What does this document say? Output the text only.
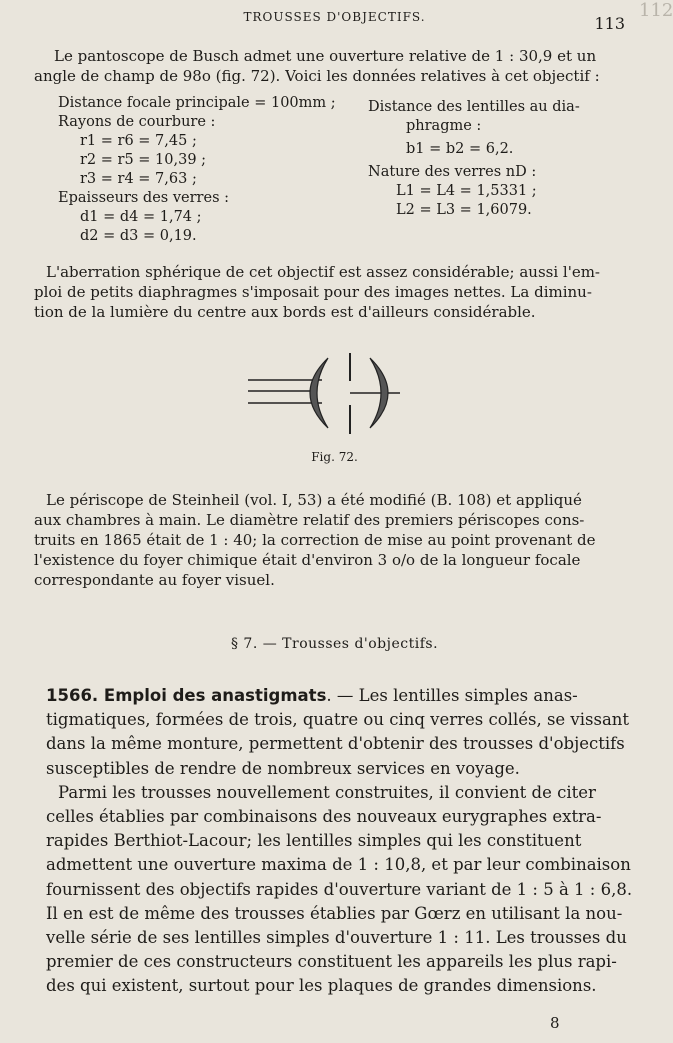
112
TROUSSES D'OBJECTIFS.	113
Le pantoscope de Busch admet une ouverture relative de 1 : 30,9 et un
angle de champ de 98o (fig. 72). Voici les données relatives à cet objectif :
Distance focale principale = 100mm ;
Rayons de courbure :
r1 = r6 = 7,45 ;
r2 = r5 = 10,39 ;
r3 = r4 = 7,63 ;
Epaisseurs des verres :
d1 = d4 = 1,74 ;
d2 = d3 = 0,19.
Distance des lentilles au dia-
phragme :
b1 = b2 = 6,2.
Nature des verres nD :
L1 = L4 = 1,5331 ;
L2 = L3 = 1,6079.
L'aberration sphérique de cet objectif est assez considérable; aussi l'em-
ploi de petits diaphragmes s'imposait pour des images nettes. La diminu-
tion de la lumière du centre aux bords est d'ailleurs considérable.
Fig. 72.
Le périscope de Steinheil (vol. I, 53) a été modifié (B. 108) et appliqué
aux chambres à main. Le diamètre relatif des premiers périscopes cons-
truits en 1865 était de 1 : 40; la correction de mise au point provenant de
l'existence du foyer chimique était d'environ 3 o/o de la longueur focale
correspondante au foyer visuel.
§ 7. — Trousses d'objectifs.
1566. Emploi des anastigmats. — Les lentilles simples anas-
tigmatiques, formées de trois, quatre ou cinq verres collés, se vissant
dans la même monture, permettent d'obtenir des trousses d'objectifs
susceptibles de rendre de nombreux services en voyage.
Parmi les trousses nouvellement construites, il convient de citer
celles établies par combinaisons des nouveaux eurygraphes extra-
rapides Berthiot-Lacour; les lentilles simples qui les constituent
admettent une ouverture maxima de 1 : 10,8, et par leur combinaison
fournissent des objectifs rapides d'ouverture variant de 1 : 5 à 1 : 6,8.
Il en est de même des trousses établies par Gœrz en utilisant la nou-
velle série de ses lentilles simples d'ouverture 1 : 11. Les trousses du
premier de ces constructeurs constituent les appareils les plus rapi-
des qui existent, surtout pour les plaques de grandes dimensions.
8
